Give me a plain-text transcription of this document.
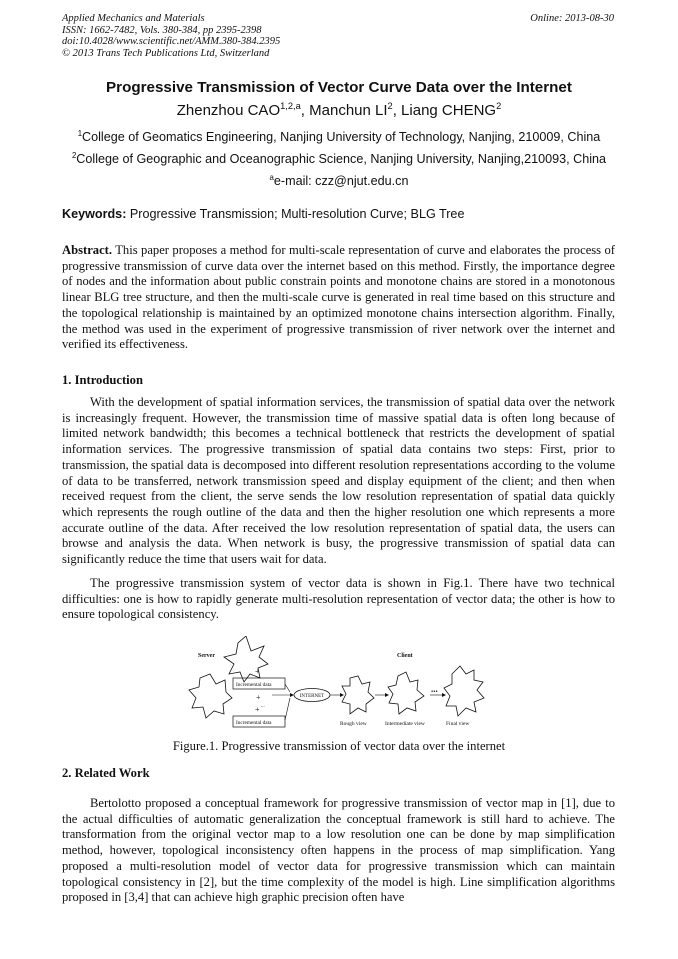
Applied Mechanics and Materials
ISSN: 1662-7482, Vols. 380-384, pp 2395-2398
doi:10.4028/www.scientific.net/AMM.380-384.2395
© 2013 Trans Tech Publications Ltd, Switzerland
Online: 2013-08-30
Progressive Transmission of Vector Curve Data over the Internet
Zhenzhou CAO$^{1,2,a}$, Manchun $LI^2$, Liang CHENG$^2$
$^1$College of Geomatics Engineering, Nanjing University of Technology, Nanjing, 210009, China
$^2$College of Geographic and Oceanographic Science, Nanjing University, Nanjing,210093, China
$^a$e-mail: czz@njut.edu.cn
Keywords: Progressive Transmission; Multi-resolution Curve; BLG Tree

Abstract. This paper proposes a method for multi-scale representation of curve and elaborates the process of progressive transmission of curve data over the internet based on this method. Firstly, the importance degree of nodes and the information about public constrain points and monotone chains are stored in a monotonous linear BLG tree structure, and then the multi-scale curve is generated in real time based on this structure and the topological relationship is maintained by an optimized monotone chains intersection algorithm. Finally, the method was used in the experiment of progressive transmission of river network over the internet and verified its effectiveness.

1. Introduction

With the development of spatial information services, the transmission of spatial data over the network is increasingly frequent. However, the transmission time of massive spatial data is often long because of limited network bandwidth; this becomes a technical bottleneck that restricts the development of spatial information services. The progressive transmission of spatial data contains two steps: First, prior to transmission, the spatial data is decomposed into different resolution representations according to the volume of data to be transferred, network transmission speed and display equipment of the client; and then when received request from the client, the serve sends the low resolution representation of spatial data quickly which represents the rough outline of the data and then the higher resolution one which represents a more accurate outline of the data. After received the low resolution representation of spatial data, the users can browse and analysis the data. When network is busy, the progressive transmission of spatial data can significantly reduce the time that users wait for data.

The progressive transmission system of vector data is shown in Fig.1. There have two technical difficulties: one is how to rapidly generate multi-resolution representation of vector data; the other is how to ensure topological consistency.

Server	Client
+
Incremental data
+
+ ...
Incremental data
INTERNET
...
Rough view	Intermediate view	Final view
Figure.1. Progressive transmission of vector data over the internet
2. Related Work

Bertolotto proposed a conceptual framework for progressive transmission of vector map in [1], due to the actual difficulties of automatic generalization the conceptual framework is still hard to achieve. The transformation from the original vector map to a low resolution one can be done by map simplification method, however, topological inconsistency often happens in the process of map simplification. Yang proposed a multi-resolution model of vector data for progressive transmission which can maintain topological consistency in [2], but the time complexity of the model is high. Line simplification algorithms proposed in [3,4] that can achieve high graphic precision often have
